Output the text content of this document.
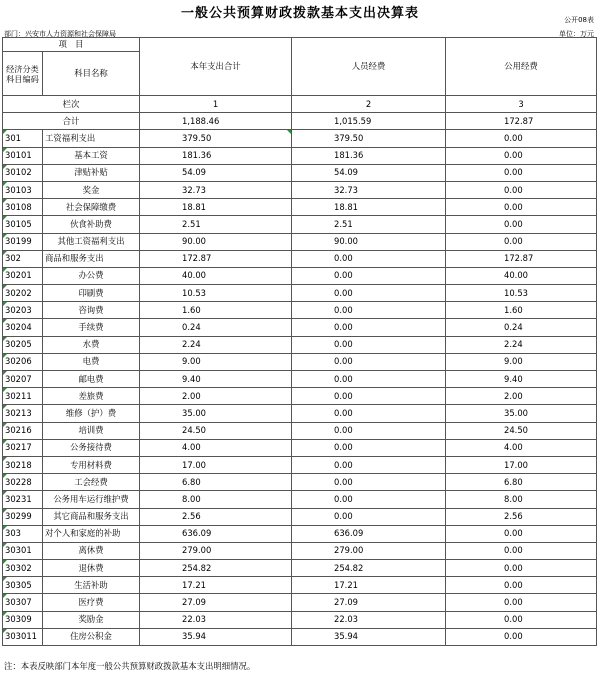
一般公共预算财政拨款基本支出决算表	公开08表
部门：兴安市人力资源和社会保障局	单位：万元
项　目		本年支出合计	人员经费	公用经费
经济分类科目编码	科目名称			
栏次		1	2	3
合计		1,188.46	1,015.59	172.87
301	工资福利支出	379.50	379.50	0.00
30101	基本工资	181.36	181.36	0.00
30102	津贴补贴	54.09	54.09	0.00
30103	奖金	32.73	32.73	0.00
30108	社会保障缴费	18.81	18.81	0.00
30105	伙食补助费	2.51	2.51	0.00
30199	其他工资福利支出	90.00	90.00	0.00
302	商品和服务支出	172.87	0.00	172.87
30201	办公费	40.00	0.00	40.00
30202	印刷费	10.53	0.00	10.53
30203	咨询费	1.60	0.00	1.60
30204	手续费	0.24	0.00	0.24
30205	水费	2.24	0.00	2.24
30206	电费	9.00	0.00	9.00
30207	邮电费	9.40	0.00	9.40
30211	差旅费	2.00	0.00	2.00
30213	维修（护）费	35.00	0.00	35.00
30216	培训费	24.50	0.00	24.50
30217	公务接待费	4.00	0.00	4.00
30218	专用材料费	17.00	0.00	17.00
30228	工会经费	6.80	0.00	6.80
30231	公务用车运行维护费	8.00	0.00	8.00
30299	其它商品和服务支出	2.56	0.00	2.56
303	对个人和家庭的补助	636.09	636.09	0.00
30301	离休费	279.00	279.00	0.00
30302	退休费	254.82	254.82	0.00
30305	生活补助	17.21	17.21	0.00
30307	医疗费	27.09	27.09	0.00
30309	奖励金	22.03	22.03	0.00
303011	住房公积金	35.94	35.94	0.00
注：本表反映部门本年度一般公共预算财政拨款基本支出明细情况。
